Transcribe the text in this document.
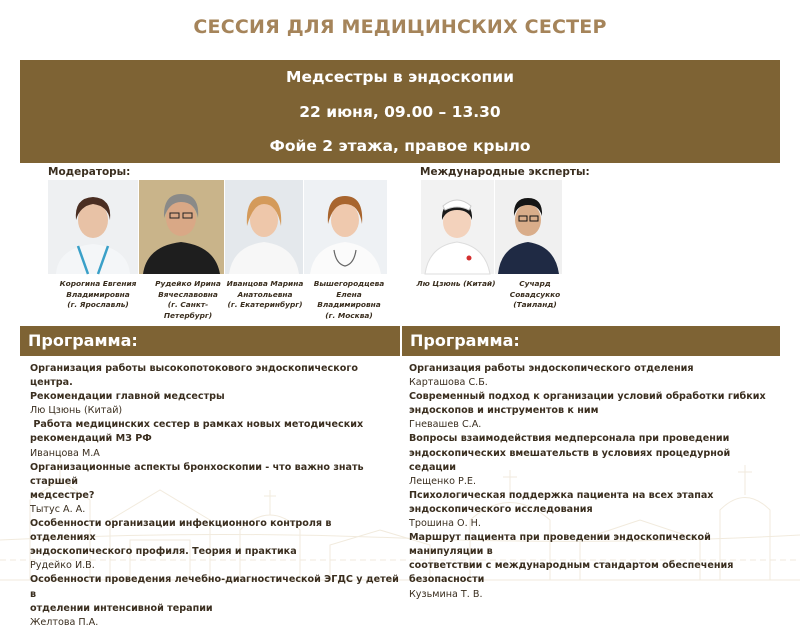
СЕССИЯ ДЛЯ МЕДИЦИНСКИХ СЕСТЕР
Медсестры в эндоскопии
22 июня, 09.00 – 13.30
Фойе 2 этажа, правое крыло
Модераторы:	Международные эксперты:
Корогина Евгения
Владимировна
(г. Ярославль)
Рудейко Ирина
Вячеславовна
(г. Санкт-
Петербург)
Иванцова Марина
Анатольевна
(г. Екатеринбург)
Вышегородцева
Елена Владимировна
(г. Москва)
Лю Цзюнь (Китай)	Сучард
Совадсукко
(Таиланд)
Программа:	Программа:
Организация работы высокопотокового эндоскопического центра.
Рекомендации главной медсестры
Лю Цзюнь (Китай)
Работа медицинских сестер в рамках новых методических
рекомендаций МЗ РФ
Иванцова М.А
Организационные аспекты бронхоскопии - что важно знать старшей
медсестре?
Тытус А. А.
Особенности организации инфекционного контроля в отделениях
эндоскопического профиля. Теория и практика
Рудейко И.В.
Особенности проведения лечебно-диагностической ЭГДС у детей в
отделении интенсивной терапии
Желтова П.А.
Организация работы эндоскопического отделения
Карташова С.Б.
Современный подход к организации условий обработки гибких
эндоскопов и инструментов к ним
Гневашев С.А.
Вопросы взаимодействия медперсонала при проведении
эндоскопических вмешательств в условиях процедурной седации
Лещенко Р.Е.
Психологическая поддержка пациента на всех этапах
эндоскопического исследования
Трошина О. Н.
Маршрут пациента при проведении эндоскопической манипуляции в
соответствии с международным стандартом обеспечения
безопасности
Кузьмина Т. В.
